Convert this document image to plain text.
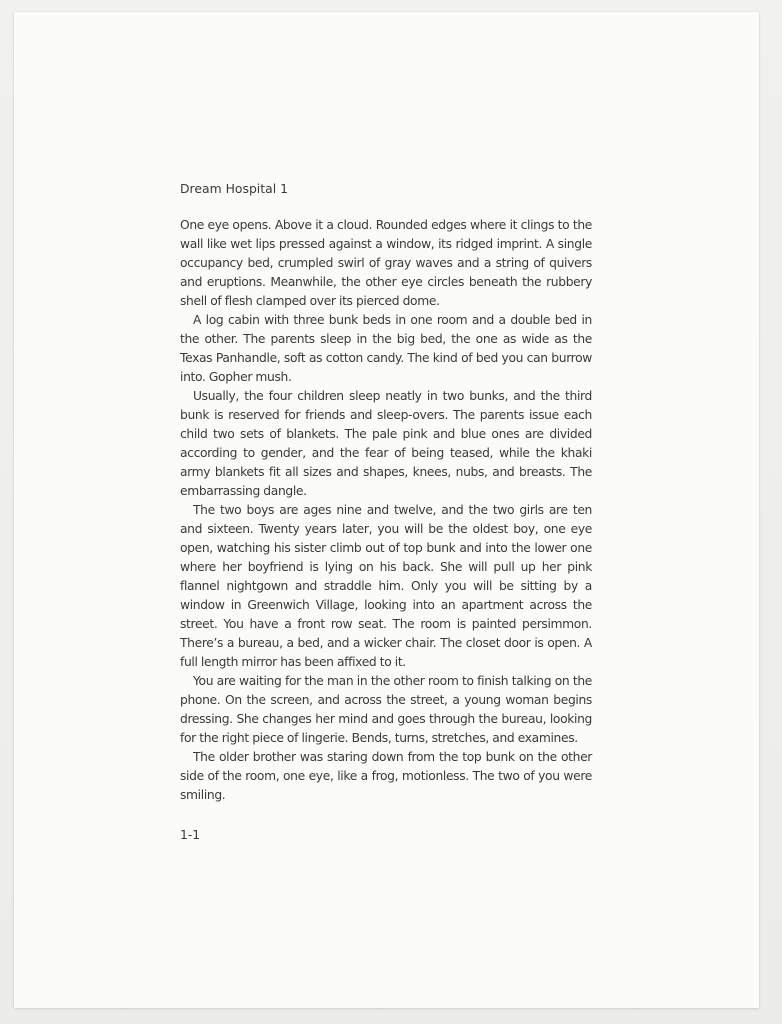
Dream Hospital 1

One eye opens. Above it a cloud. Rounded edges where it clings to the wall like wet lips pressed against a window, its ridged imprint. A single occupancy bed, crumpled swirl of gray waves and a string of quivers and eruptions. Meanwhile, the other eye circles beneath the rubbery shell of flesh clamped over its pierced dome.

A log cabin with three bunk beds in one room and a double bed in the other. The parents sleep in the big bed, the one as wide as the Texas Panhandle, soft as cotton candy. The kind of bed you can burrow into. Gopher mush.

Usually, the four children sleep neatly in two bunks, and the third bunk is reserved for friends and sleep-overs. The parents issue each child two sets of blankets. The pale pink and blue ones are divided according to gender, and the fear of being teased, while the khaki army blankets fit all sizes and shapes, knees, nubs, and breasts. The embarrassing dangle.

The two boys are ages nine and twelve, and the two girls are ten and sixteen. Twenty years later, you will be the oldest boy, one eye open, watching his sister climb out of top bunk and into the lower one where her boyfriend is lying on his back. She will pull up her pink flannel nightgown and straddle him. Only you will be sitting by a window in Greenwich Village, looking into an apartment across the street. You have a front row seat. The room is painted persimmon. There’s a bureau, a bed, and a wicker chair. The closet door is open. A full length mirror has been affixed to it.

You are waiting for the man in the other room to finish talking on the phone. On the screen, and across the street, a young woman begins dressing. She changes her mind and goes through the bureau, looking for the right piece of lingerie. Bends, turns, stretches, and examines.

The older brother was staring down from the top bunk on the other side of the room, one eye, like a frog, motionless. The two of you were smiling.

1-1
